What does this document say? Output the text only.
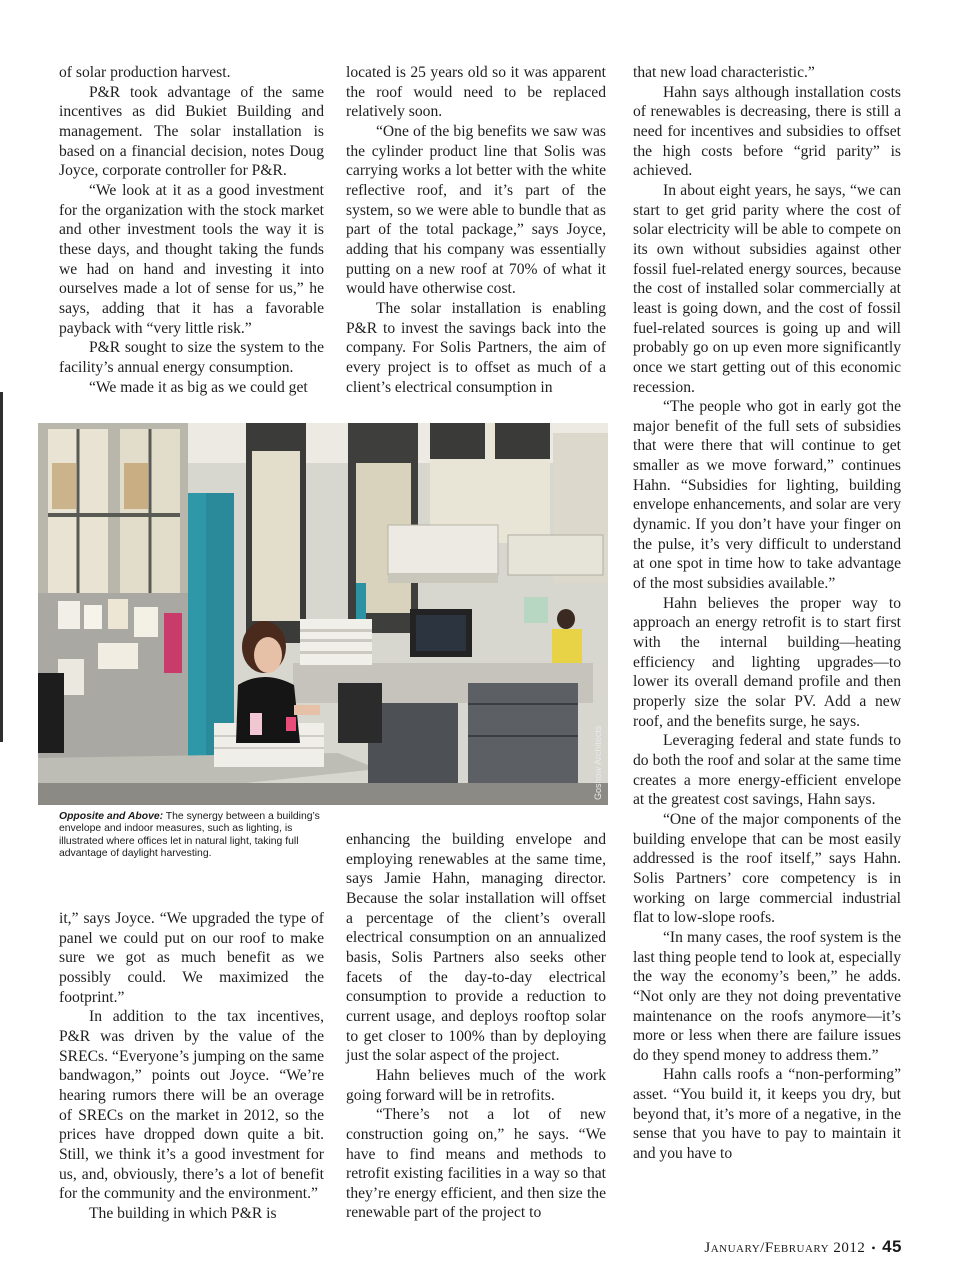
of solar production harvest.

P&R took advantage of the same incentives as did Bukiet Building and management. The solar installation is based on a financial decision, notes Doug Joyce, corporate controller for P&R.

“We look at it as a good investment for the organization with the stock market and other investment tools the way it is these days, and thought taking the funds we had on hand and investing it into ourselves made a lot of sense for us,” he says, adding that it has a favorable payback with “very little risk.”

P&R sought to size the system to the facility’s annual energy consumption.

“We made it as big as we could get

located is 25 years old so it was apparent the roof would need to be replaced relatively soon.

“One of the big benefits we saw was the cylinder product line that Solis was carrying works a lot better with the white reflective roof, and it’s part of the system, so we were able to bundle that as part of the total package,” says Joyce, adding that his company was essentially putting on a new roof at 70% of what it would have otherwise cost.

The solar installation is enabling P&R to invest the savings back into the company. For Solis Partners, the aim of every project is to offset as much of a client’s electrical consumption in

that new load characteristic.”

Hahn says although installation costs of renewables is decreasing, there is still a need for incentives and subsidies to offset the high costs before “grid parity” is achieved.

In about eight years, he says, “we can start to get grid parity where the cost of solar electricity will be able to compete on its own without subsidies against other fossil fuel-related energy sources, because the cost of installed solar commercially at least is going down, and the cost of fossil fuel-related sources is going up and will probably go on up even more significantly once we start getting out of this economic recession.

“The people who got in early got the major benefit of the full sets of subsidies that were there that will continue to get smaller as we move forward,” continues Hahn. “Subsidies for lighting, building envelope enhancements, and solar are very dynamic. If you don’t have your finger on the pulse, it’s very difficult to understand at one spot in time how to take advantage of the most subsidies available.”

Hahn believes the proper way to approach an energy retrofit is to start first with the internal building—heating efficiency and lighting upgrades—to lower its overall demand profile and then properly size the solar PV. Add a new roof, and the benefits surge, he says.

Leveraging federal and state funds to do both the roof and solar at the same time creates a more energy-efficient envelope at the greatest cost savings, Hahn says.

“One of the major components of the building envelope that can be most easily addressed is the roof itself,” says Hahn. Solis Partners’ core competency is in working on large commercial industrial flat to low-slope roofs.

“In many cases, the roof system is the last thing people tend to look at, especially the way the economy’s been,” he adds. “Not only are they not doing preventative maintenance on the roofs anymore—it’s more or less when there are failure issues do they spend money to address them.”

Hahn calls roofs a “non-performing” asset. “You build it, it keeps you dry, but beyond that, it’s more of a negative, in the sense that you have to pay to maintain it and you have to

it,” says Joyce. “We upgraded the type of panel we could put on our roof to make sure we got as much benefit as we possibly could. We maximized the footprint.”

In addition to the tax incentives, P&R was driven by the value of the SRECs. “Everyone’s jumping on the same bandwagon,” points out Joyce. “We’re hearing rumors there will be an overage of SRECs on the market in 2012, so the prices have dropped down quite a bit. Still, we think it’s a good investment for us, and, obviously, there’s a lot of benefit for the community and the environment.”

The building in which P&R is

enhancing the building envelope and employing renewables at the same time, says Jamie Hahn, managing director. Because the solar installation will offset a percentage of the client’s overall electrical consumption on an annualized basis, Solis Partners also seeks other facets of the day-to-day electrical consumption to provide a reduction to current usage, and deploys rooftop solar to get closer to 100% than by deploying just the solar aspect of the project.

Hahn believes much of the work going forward will be in retrofits.

“There’s not a lot of new construction going on,” he says. “We have to find means and methods to retrofit existing facilities in a way so that they’re energy efficient, and then size the renewable part of the project to

Goshow Architects
Opposite and Above: The synergy between a building’s envelope and indoor measures, such as lighting, is illustrated where offices let in natural light, taking full advantage of daylight harvesting.
January/February 2012 • 45
